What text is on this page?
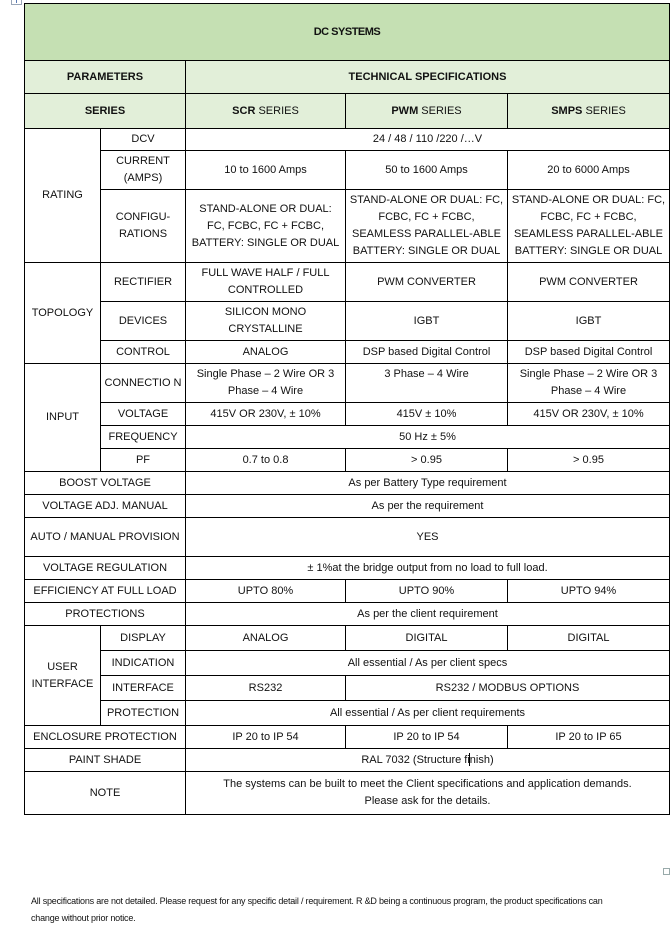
DC SYSTEMS				
PARAMETERS		TECHNICAL SPECIFICATIONS		
SERIES		SCR SERIES	PWM SERIES	SMPS SERIES
RATING	DCV	24 / 48 / 110 /220 /…V		
	CURRENT (AMPS)	10 to 1600 Amps	50 to 1600 Amps	20 to 6000 Amps
	CONFIGU-RATIONS	STAND-ALONE OR DUAL: FC, FCBC, FC + FCBC, BATTERY: SINGLE OR DUAL	STAND-ALONE OR DUAL: FC, FCBC, FC + FCBC, SEAMLESS PARALLEL-ABLE BATTERY: SINGLE OR DUAL	STAND-ALONE OR DUAL: FC, FCBC, FC + FCBC, SEAMLESS PARALLEL-ABLE BATTERY: SINGLE OR DUAL
TOPOLOGY	RECTIFIER	FULL WAVE HALF / FULL CONTROLLED	PWM CONVERTER	PWM CONVERTER
	DEVICES	SILICON MONO CRYSTALLINE	IGBT	IGBT
	CONTROL	ANALOG	DSP based Digital Control	DSP based Digital Control
INPUT	CONNECTIO N	Single Phase – 2 Wire OR 3 Phase – 4 Wire	3 Phase – 4 Wire	Single Phase – 2 Wire OR 3 Phase – 4 Wire
	VOLTAGE	415V OR 230V, ± 10%	415V ± 10%	415V OR 230V, ± 10%
	FREQUENCY	50 Hz ± 5%		
	PF	0.7 to 0.8	> 0.95	> 0.95
BOOST VOLTAGE		As per Battery Type requirement		
VOLTAGE ADJ. MANUAL		As per the requirement		
AUTO / MANUAL PROVISION		YES		
VOLTAGE REGULATION		± 1%at the bridge output from no load to full load.		
EFFICIENCY AT FULL LOAD		UPTO 80%	UPTO 90%	UPTO 94%
PROTECTIONS		As per the client requirement		
USER INTERFACE	DISPLAY	ANALOG	DIGITAL	DIGITAL
	INDICATION	All essential / As per client specs		
	INTERFACE	RS232	RS232 / MODBUS OPTIONS	
	PROTECTION	All essential / As per client requirements		
ENCLOSURE PROTECTION		IP 20 to IP 54	IP 20 to IP 54	IP 20 to IP 65
PAINT SHADE		RAL 7032 (Structure finish)		
NOTE		The systems can be built to meet the Client specifications and application demands.
Please ask for the details.		
All specifications are not detailed. Please request for any specific detail / requirement. R &D being a continuous program, the product specifications can change without prior notice.
